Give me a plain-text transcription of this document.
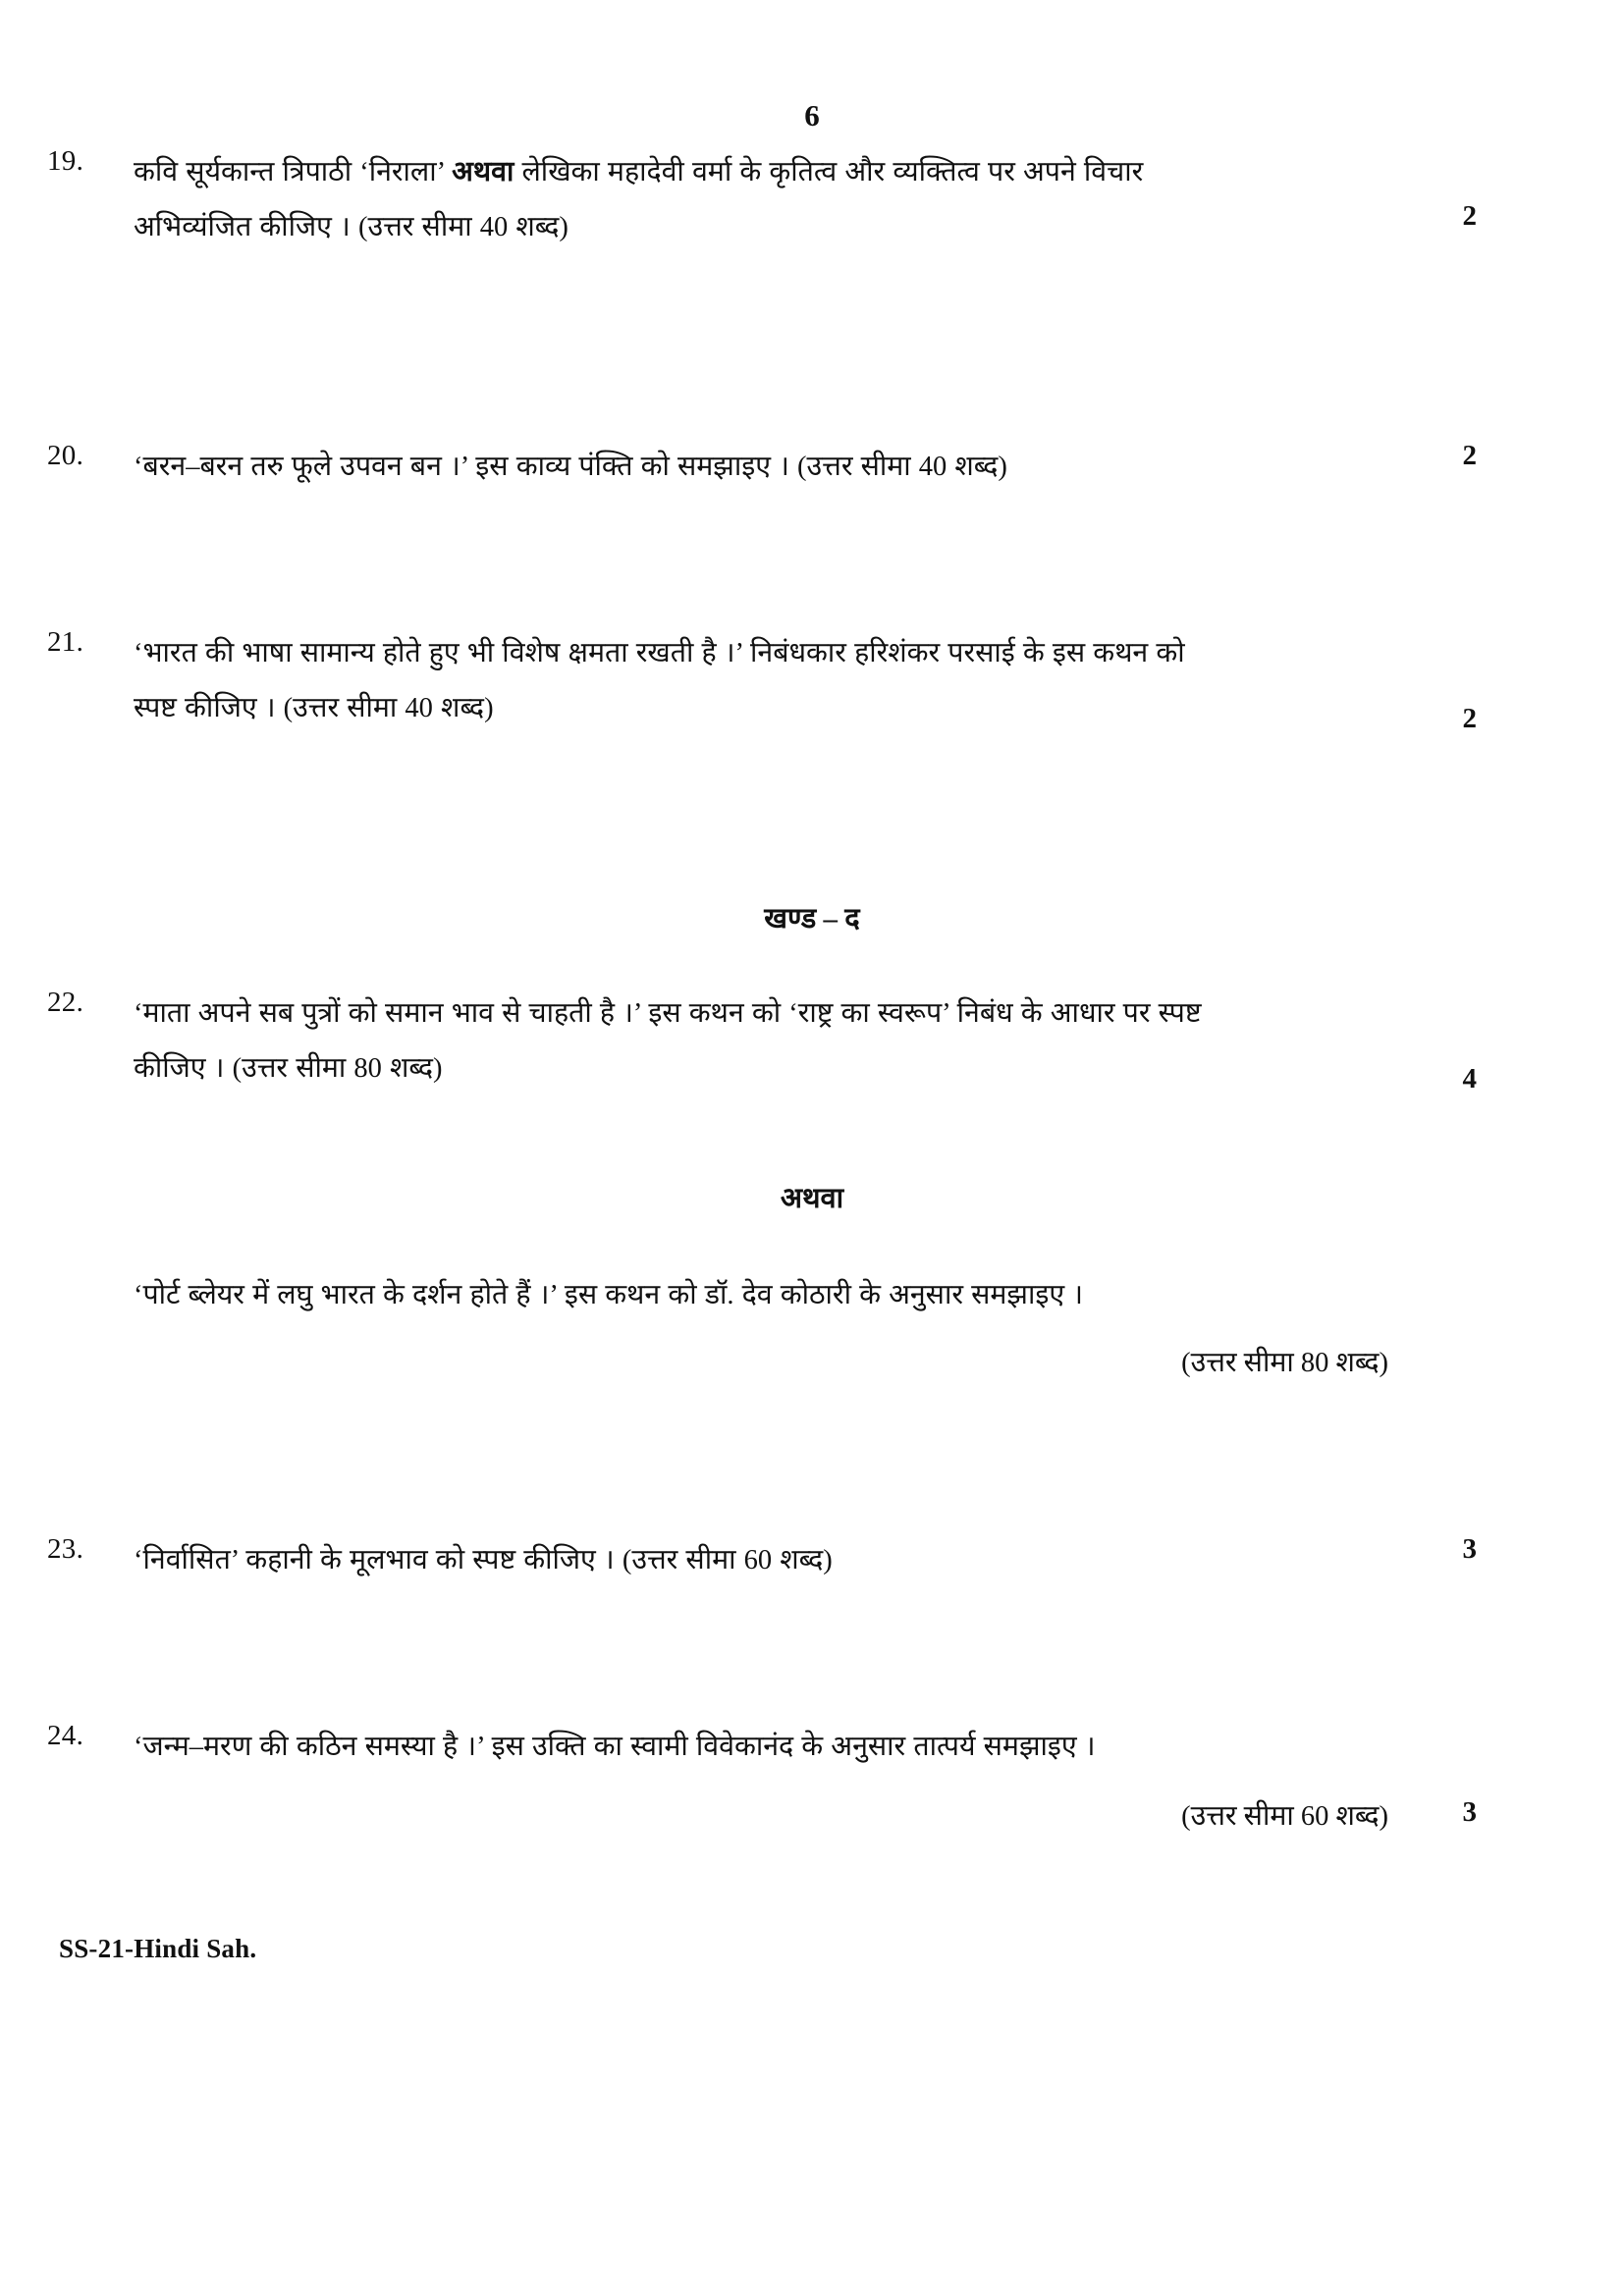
6
19.	कवि सूर्यकान्त त्रिपाठी ‘निराला’ अथवा लेखिका महादेवी वर्मा के कृतित्व और व्यक्तित्व पर अपने विचार
अभिव्यंजित कीजिए । (उत्तर सीमा 40 शब्द)	2
20.	‘बरन–बरन तरु फूले उपवन बन ।’ इस काव्य पंक्ति को समझाइए । (उत्तर सीमा 40 शब्द)	2
21.	‘भारत की भाषा सामान्य होते हुए भी विशेष क्षमता रखती है ।’ निबंधकार हरिशंकर परसाई के इस कथन को
स्पष्ट कीजिए । (उत्तर सीमा 40 शब्द)	2
खण्ड – द
22.	‘माता अपने सब पुत्रों को समान भाव से चाहती है ।’ इस कथन को ‘राष्ट्र का स्वरूप’ निबंध के आधार पर स्पष्ट
कीजिए । (उत्तर सीमा 80 शब्द)	4
अथवा
‘पोर्ट ब्लेयर में लघु भारत के दर्शन होते हैं ।’ इस कथन को डॉ. देव कोठारी के अनुसार समझाइए ।
(उत्तर सीमा 80 शब्द)
23.	‘निर्वासित’ कहानी के मूलभाव को स्पष्ट कीजिए । (उत्तर सीमा 60 शब्द)	3
24.	‘जन्म–मरण की कठिन समस्या है ।’ इस उक्ति का स्वामी विवेकानंद के अनुसार तात्पर्य समझाइए ।
3
(उत्तर सीमा 60 शब्द)
SS-21-Hindi Sah.
